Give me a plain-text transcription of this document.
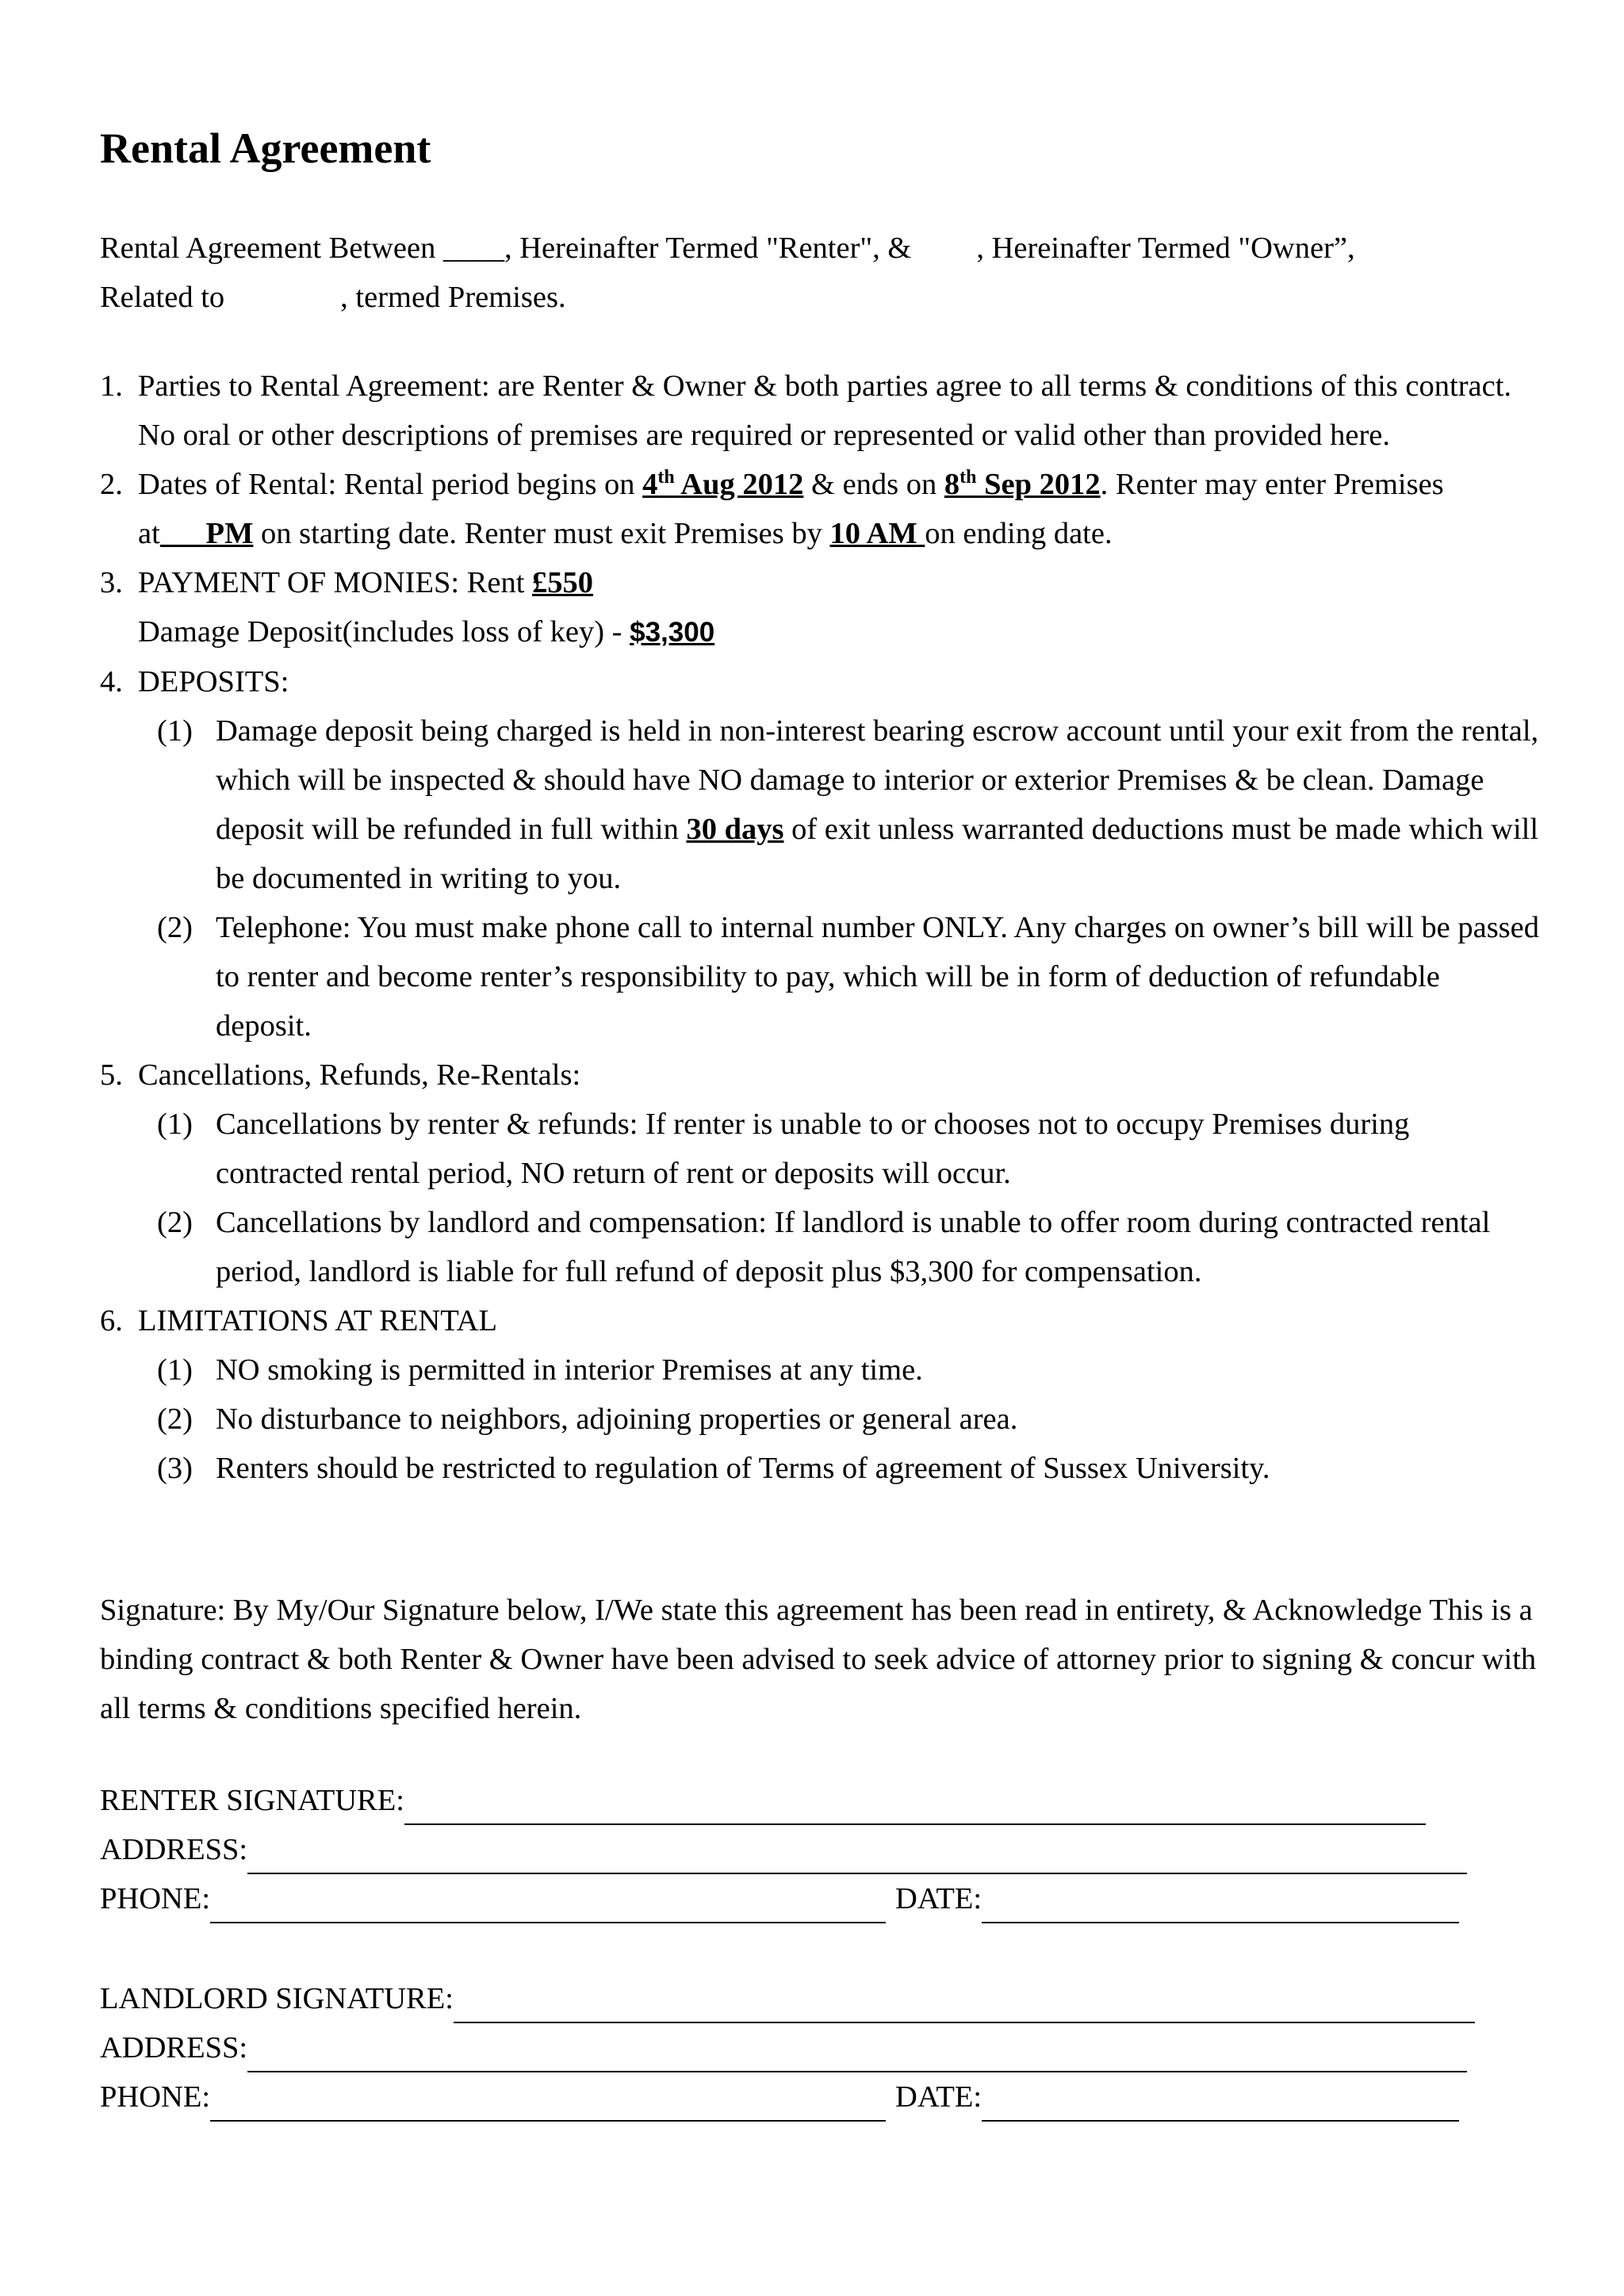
Rental Agreement
Rental Agreement Between ____, Hereinafter Termed "Renter", & , Hereinafter Termed "Owner”,
Related to	, termed Premises.
1. Parties to Rental Agreement: are Renter & Owner & both parties agree to all terms & conditions of this contract. No oral or other descriptions of premises are required or represented or valid other than provided here.
2. Dates of Rental: Rental period begins on 4th Aug 2012 & ends on 8th Sep 2012. Renter may enter Premises at PM on starting date. Renter must exit Premises by 10 AM on ending date.
3. PAYMENT OF MONIES: Rent £550
Damage Deposit(includes loss of key) - $3,300
4. DEPOSITS:
(1) Damage deposit being charged is held in non-interest bearing escrow account until your exit from the rental, which will be inspected & should have NO damage to interior or exterior Premises & be clean. Damage deposit will be refunded in full within 30 days of exit unless warranted deductions must be made which will be documented in writing to you.
(2) Telephone: You must make phone call to internal number ONLY. Any charges on owner’s bill will be passed to renter and become renter’s responsibility to pay, which will be in form of deduction of refundable deposit.
5. Cancellations, Refunds, Re-Rentals:
(1) Cancellations by renter & refunds: If renter is unable to or chooses not to occupy Premises during contracted rental period, NO return of rent or deposits will occur.
(2) Cancellations by landlord and compensation: If landlord is unable to offer room during contracted rental period, landlord is liable for full refund of deposit plus $3,300 for compensation.
6. LIMITATIONS AT RENTAL
(1) NO smoking is permitted in interior Premises at any time.
(2) No disturbance to neighbors, adjoining properties or general area.
(3) Renters should be restricted to regulation of Terms of agreement of Sussex University.
Signature: By My/Our Signature below, I/We state this agreement has been read in entirety, & Acknowledge This is a binding contract & both Renter & Owner have been advised to seek advice of attorney prior to signing & concur with all terms & conditions specified herein.
RENTER SIGNATURE:
ADDRESS:
PHONE:	DATE:
LANDLORD SIGNATURE:
ADDRESS:
PHONE:	DATE:
